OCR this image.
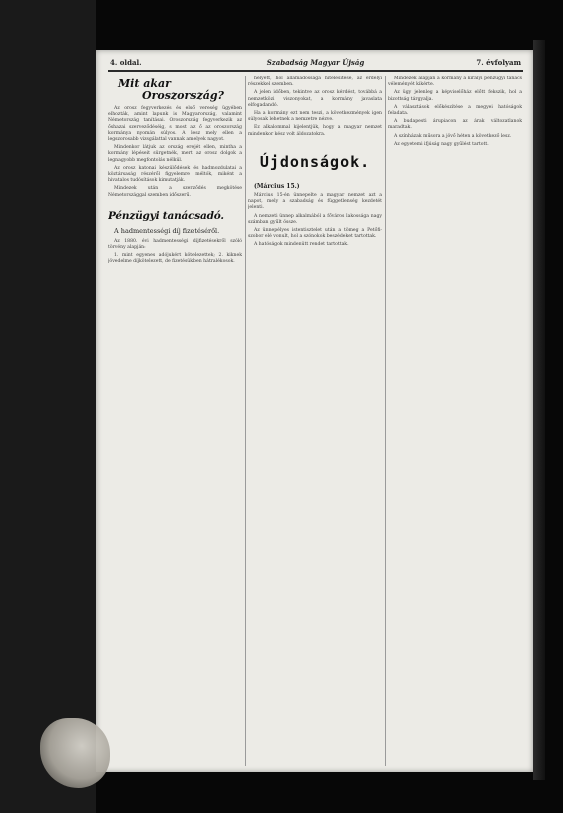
4. oldal.	Szabadság Magyar Újság	7. évfolyam
Mit akar
Oroszország?

Az orosz fegyverkezés és első vereség ügyében elhozták, amint lapunk is Magyarország, valamint Németország tanításai. Oroszország fegyverkezik az őshazai szerveződéséig, s most az ő az oroszország kormánya nyomán súlyos. A lesz mely ellen a legszorosabb vizsgálattal vannak amelyek nagyot.

Mindenkor látjuk az ország erejét ellen, mintha a kormány lépéseit sürgetnék, mert az orosz dolgok a legnagyobb megfontolás nélkül.

Az orosz katonai készülődések és hadmozdulatai a köztársaság részéről figyelemre méltók, miként a hivatalos tudósítások kimutatják.

Mindezek után a szerződés megkötése Németországgal szemben időszerű.

Pénzügyi tanácsadó.
A hadmentességi díj fizetéséről.

Az 1880. évi hadmentességi díjfizetésekről szóló törvény alapján:

1. mint egyenes adójukért kötelezettek; 2. kiknek jövedelme díjkötelezett, de fizetésükben hátralékosok.

helyett, hol államadóssága hitelesítése, az erdélyi részekkel szemben.

A jelen időben, tekintve az orosz kérdést, továbbá a nemzetközi viszonyokat, a kormány javaslata elfogadandó.

Ha a kormány ezt nem teszi, a következmények igen súlyosak lehetnek a nemzetre nézve.

Ez alkalommal kijelentjük, hogy a magyar nemzet mindenkor kész volt áldozatokra.

Újdonságok.

(Március 15.)

Március 15-én ünnepelte a magyar nemzet azt a napot, mely a szabadság és függetlenség kezdetét jelenti.

A nemzeti ünnep alkalmából a főváros lakossága nagy számban gyűlt össze.

Az ünnepélyes istentisztelet után a tömeg a Petőfi-szobor elé vonult, hol a szónokok beszédeket tartottak.

A hatóságok mindenütt rendet tartottak.

Mindezek alapján a kormány a királyi pénzügyi tanács véleményét kikérte.

Az ügy jelenleg a képviselőház előtt fekszik, hol a bizottság tárgyalja.

A választások előkészítése a megyei hatóságok feladata.

A budapesti árupiacon az árak változatlanok maradtak.

A színházak műsora a jövő héten a következő lesz.

Az egyetemi ifjúság nagy gyűlést tartott.
